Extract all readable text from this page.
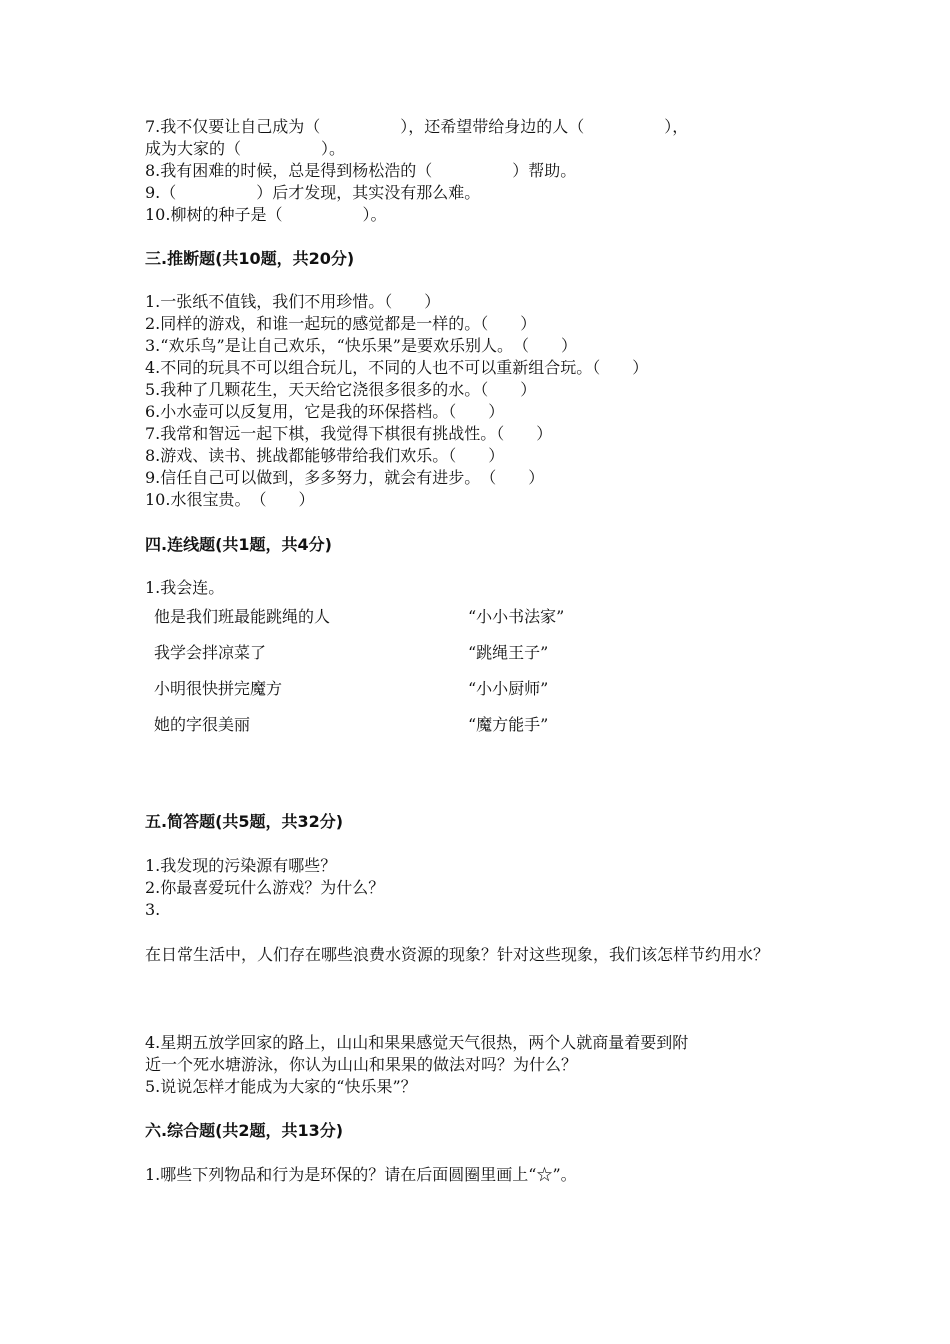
7.我不仅要让自己成为（　　　　　），还希望带给身边的人（　　　　　），
成为大家的（　　　　　）。
8.我有困难的时候，总是得到杨松浩的（　　　　　）帮助。
9.（　　　　　）后才发现，其实没有那么难。
10.柳树的种子是（　　　　　）。
三.推断题(共10题，共20分)
1.一张纸不值钱，我们不用珍惜。（　　）
2.同样的游戏，和谁一起玩的感觉都是一样的。（　　）
3.“欢乐鸟”是让自己欢乐，“快乐果”是要欢乐别人。　（　　）
4.不同的玩具不可以组合玩儿，不同的人也不可以重新组合玩。（　　）
5.我种了几颗花生，天天给它浇很多很多的水。（　　）
6.小水壶可以反复用，它是我的环保搭档。（　　）
7.我常和智远一起下棋，我觉得下棋很有挑战性。（　　）
8.游戏、读书、挑战都能够带给我们欢乐。（　　）
9.信任自己可以做到，多多努力，就会有进步。　（　　）
10.水很宝贵。　（　　）
四.连线题(共1题，共4分)
1.我会连。
他是我们班最能跳绳的人
我学会拌凉菜了
小明很快拼完魔方
她的字很美丽
“小小书法家”
“跳绳王子”
“小小厨师”
“魔方能手”
五.简答题(共5题，共32分)
1.我发现的污染源有哪些？
2.你最喜爱玩什么游戏？为什么？
3.
在日常生活中，人们存在哪些浪费水资源的现象？针对这些现象，我们该怎样节约用水？
4.星期五放学回家的路上，山山和果果感觉天气很热，两个人就商量着要到附
近一个死水塘游泳，你认为山山和果果的做法对吗？为什么？
5.说说怎样才能成为大家的“快乐果”？
六.综合题(共2题，共13分)
1.哪些下列物品和行为是环保的？请在后面圆圈里画上“☆”。
